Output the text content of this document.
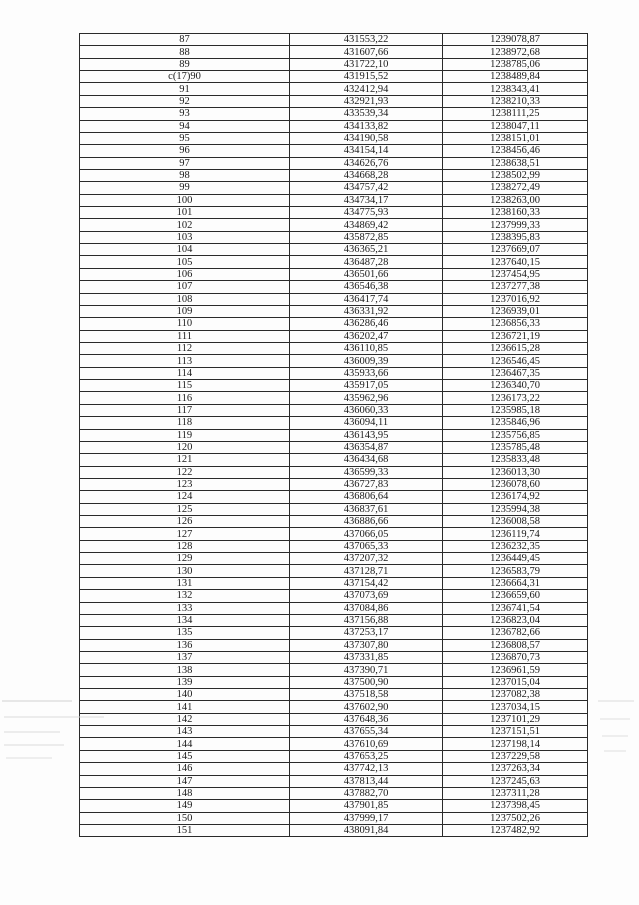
87	431553,22	1239078,87
88	431607,66	1238972,68
89	431722,10	1238785,06
c(17)90	431915,52	1238489,84
91	432412,94	1238343,41
92	432921,93	1238210,33
93	433539,34	1238111,25
94	434133,82	1238047,11
95	434190,58	1238151,01
96	434154,14	1238456,46
97	434626,76	1238638,51
98	434668,28	1238502,99
99	434757,42	1238272,49
100	434734,17	1238263,00
101	434775,93	1238160,33
102	434869,42	1237999,33
103	435872,85	1238395,83
104	436365,21	1237669,07
105	436487,28	1237640,15
106	436501,66	1237454,95
107	436546,38	1237277,38
108	436417,74	1237016,92
109	436331,92	1236939,01
110	436286,46	1236856,33
111	436202,47	1236721,19
112	436110,85	1236615,28
113	436009,39	1236546,45
114	435933,66	1236467,35
115	435917,05	1236340,70
116	435962,96	1236173,22
117	436060,33	1235985,18
118	436094,11	1235846,96
119	436143,95	1235756,85
120	436354,87	1235785,48
121	436434,68	1235833,48
122	436599,33	1236013,30
123	436727,83	1236078,60
124	436806,64	1236174,92
125	436837,61	1235994,38
126	436886,66	1236008,58
127	437066,05	1236119,74
128	437065,33	1236232,35
129	437207,32	1236449,45
130	437128,71	1236583,79
131	437154,42	1236664,31
132	437073,69	1236659,60
133	437084,86	1236741,54
134	437156,88	1236823,04
135	437253,17	1236782,66
136	437307,80	1236808,57
137	437331,85	1236870,73
138	437390,71	1236961,59
139	437500,90	1237015,04
140	437518,58	1237082,38
141	437602,90	1237034,15
142	437648,36	1237101,29
143	437655,34	1237151,51
144	437610,69	1237198,14
145	437653,25	1237229,58
146	437742,13	1237263,34
147	437813,44	1237245,63
148	437882,70	1237311,28
149	437901,85	1237398,45
150	437999,17	1237502,26
151	438091,84	1237482,92
